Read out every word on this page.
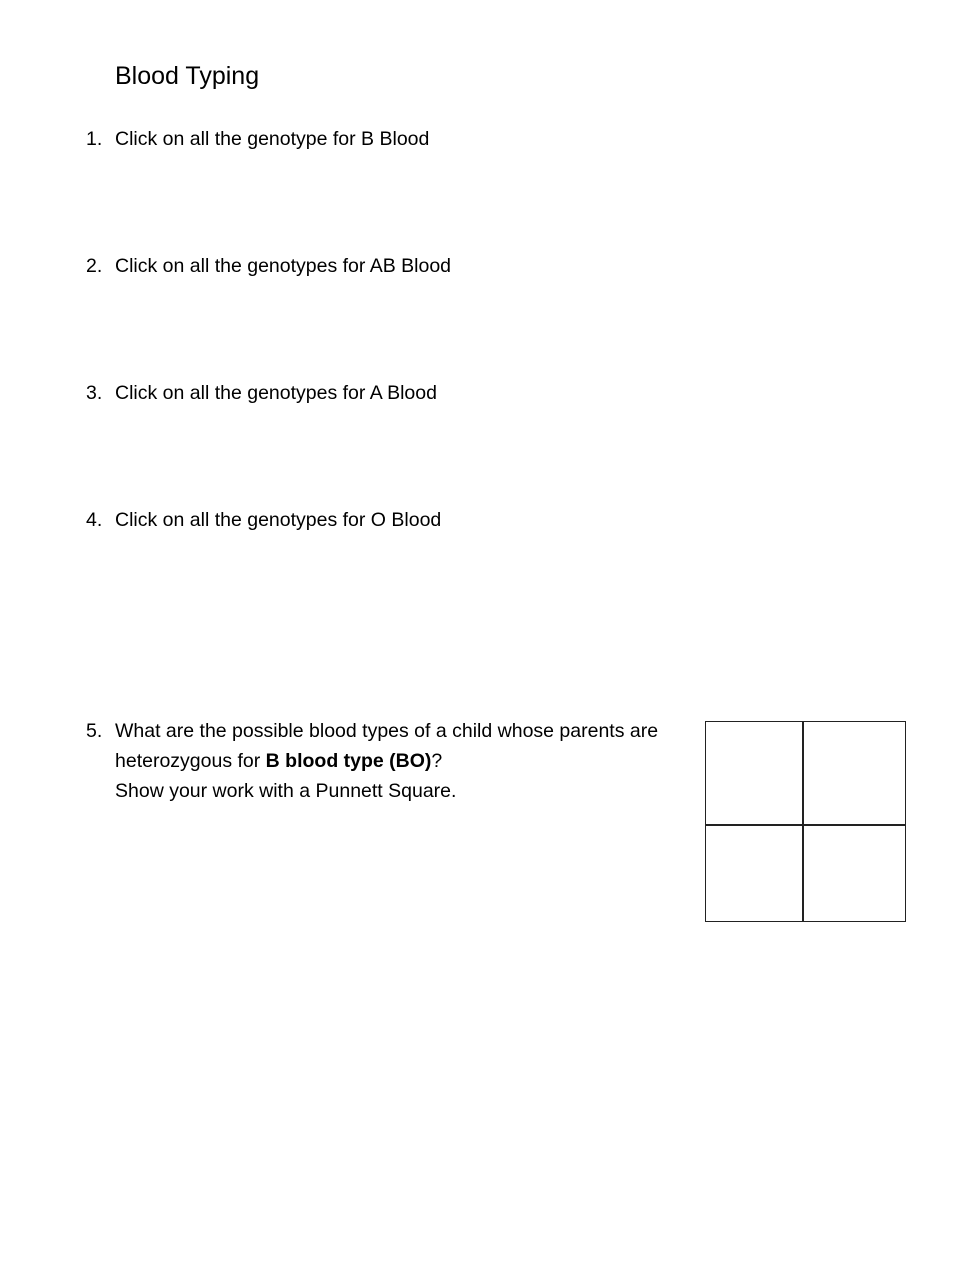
Blood Typing
1. Click on all the genotype for B Blood
2. Click on all the genotypes for AB Blood
3. Click on all the genotypes for A Blood
4. Click on all the genotypes for O Blood
5. What are the possible blood types of a child whose parents are
heterozygous for B blood type (BO)?
Show your work with a Punnett Square.
